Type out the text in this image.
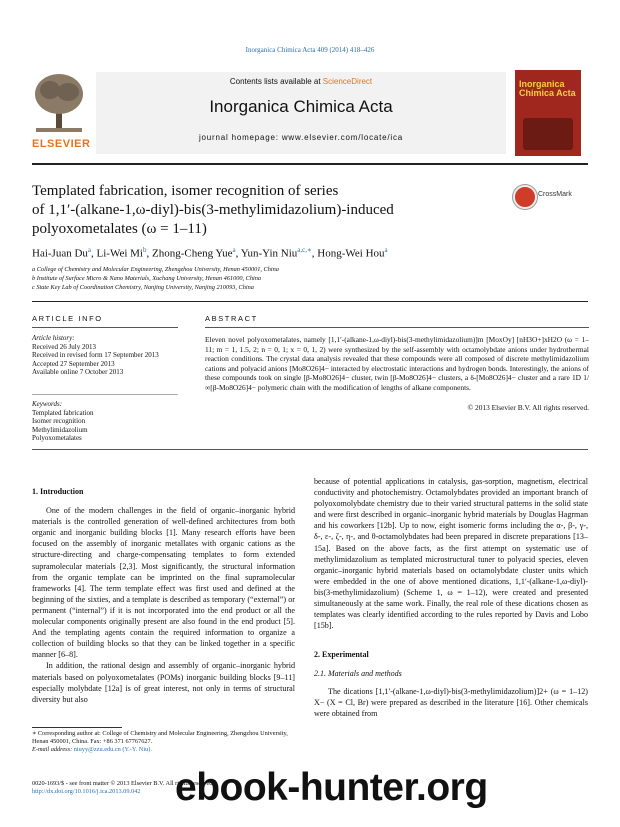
Inorganica Chimica Acta 409 (2014) 418–426
ELSEVIER
Contents lists available at ScienceDirect
Inorganica Chimica Acta
journal homepage: www.elsevier.com/locate/ica
Inorganica Chimica Acta
Templated fabrication, isomer recognition of series
of 1,1′-(alkane-1,ω-diyl)-bis(3-methylimidazolium)-induced
polyoxometalates (ω = 1–11)
CrossMark
Hai-Juan Du$^a$, Li-Wei Mi$^b$, Zhong-Cheng Yue$^a$, Yun-Yin Niu$^{a,c,∗}$, Hong-Wei Hou$^a$
a College of Chemistry and Molecular Engineering, Zhengzhou University, Henan 450001, China
b Institute of Surface Micro & Nano Materials, Xuchang University, Henan 461000, China
c State Key Lab of Coordination Chemistry, Nanjing University, Nanjing 210093, China
ARTICLE INFO
Article history:
Received 26 July 2013
Received in revised form 17 September 2013
Accepted 27 September 2013
Available online 7 October 2013
Keywords:
Templated fabrication
Isomer recognition
Methylimidazolium
Polyoxometalates
ABSTRACT
Eleven novel polyoxometalates, namely [1,1′-(alkane-1,ω-diyl)-bis(3-methylimidazolium)]m [MoxOy] [nH3O+]xH2O (ω = 1–11; m = 1, 1.5, 2; n = 0, 1; x = 0, 1, 2) were synthesized by the self-assembly with octamolybdate anions under hydrothermal reaction conditions. The crystal data analysis revealed that these compounds were all composed of discrete methylimidazolium cations and polyacid anions [Mo8O26]4− interacted by electrostatic interactions and hydrogen bonds. Interestingly, the anions of these compounds took on single [β-Mo8O26]4− cluster, twin [β-Mo8O26]4− clusters, a δ-[Mo8O26]4− cluster and a rare 1D 1/∞[β-Mo8O26]4− polymeric chain with the modification of lengths of alkane components.
© 2013 Elsevier B.V. All rights reserved.
1. Introduction
One of the modern challenges in the field of organic–inorganic hybrid materials is the controlled generation of well-defined architectures from both organic and inorganic building blocks [1]. Many research efforts have been focused on the assembly of inorganic metallates with organic cations as the structure-directing and charge-compensating templates to form extended supramolecular materials [2,3]. Most significantly, the structural information from the organic template can be imprinted on the final supramolecular frameworks [4]. The term template effect was first used and defined at the beginning of the sixties, and a template is described as temporary (“external”) or permanent (“internal”) if it is not incorporated into the end product or all the molecular components originally present are also found in the end product [5]. And the templating agents contain the required information to organize a collection of building blocks so that they can be linked together in a specific manner [6–8].
In addition, the rational design and assembly of organic–inorganic hybrid materials based on polyoxometalates (POMs) inorganic building blocks [9–11] especially molybdate [12a] is of great interest, not only in terms of structural diversity but also
because of potential applications in catalysis, gas-sorption, magnetism, electrical conductivity and photochemistry. Octamolybdates provided an important branch of polyoxomolybdate chemistry due to their varied structural patterns in the solid state and were first described in organic–inorganic hybrid materials by Douglas Hagrman and his coworkers [12b]. Up to now, eight isomeric forms including the α-, β-, γ-, δ-, ε-, ζ-, η-, and θ-octamolybdates had been prepared in discrete preparations [13–15a]. Based on the above facts, as the first attempt on systematic use of methylimidazolium as templated microstructural tuner to polyacid species, eleven organic–inorganic hybrid materials based on octamolybdate cluster units which were embedded in the one of above mentioned dications, 1,1′-(alkane-1,ω-diyl)-bis(3-methylimidazolium) (Scheme 1, ω = 1–12), were created and presented simultaneously at the same work. Finally, the real role of these dications chosen as templates was clearly identified according to the rules reported by Davis and Lobo [15b].
2. Experimental
2.1. Materials and methods
The dications [1,1′-(alkane-1,ω-diyl)-bis(3-methylimidazolium)]2+ (ω = 1–12) X− (X = Cl, Br) were prepared as described in the literature [16]. Other chemicals were obtained from
∗ Corresponding author at: College of Chemistry and Molecular Engineering, Zhengzhou University, Henan 450001, China. Fax: +86 371 67767627.
E-mail address: niuyy@zzu.edu.cn (Y.-Y. Niu).
0020-1693/$ - see front matter © 2013 Elsevier B.V. All rights reserved.
http://dx.doi.org/10.1016/j.ica.2013.09.042 ebook-hunter.org
